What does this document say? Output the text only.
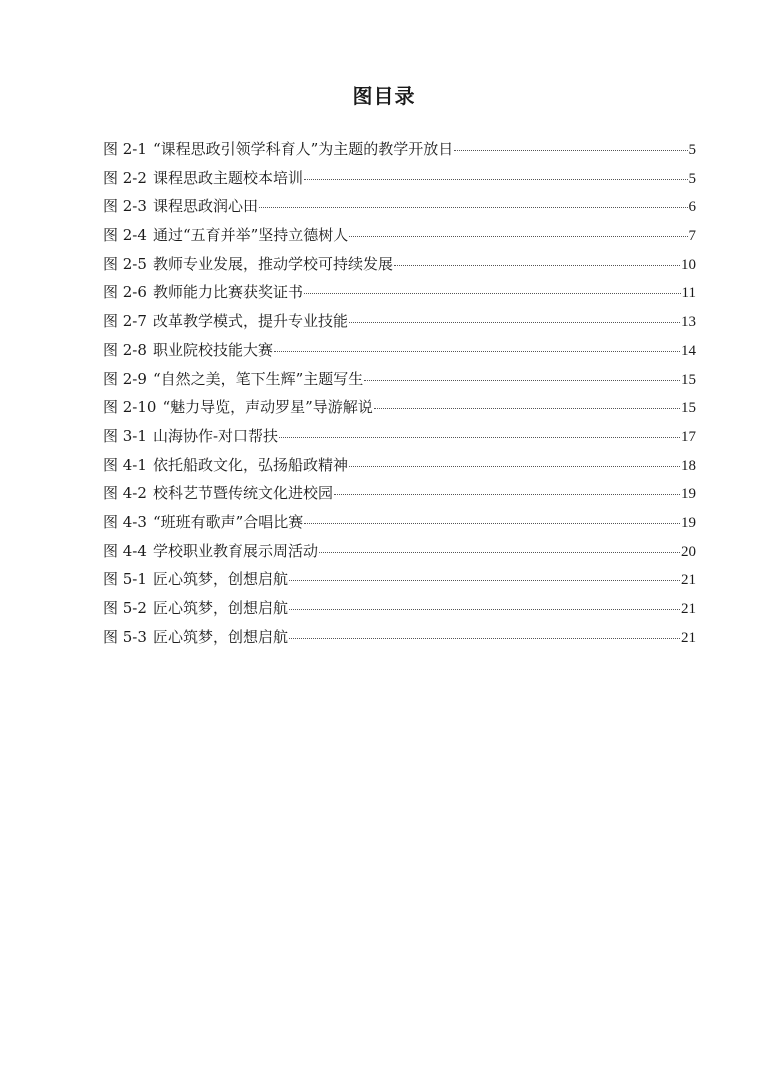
图目录
图 2-1 “课程思政引领学科育人”为主题的教学开放日	5
图 2-2 课程思政主题校本培训	5
图 2-3 课程思政润心田	6
图 2-4 通过“五育并举”坚持立德树人	7
图 2-5 教师专业发展，推动学校可持续发展	10
图 2-6 教师能力比赛获奖证书	11
图 2-7 改革教学模式，提升专业技能	13
图 2-8 职业院校技能大赛	14
图 2-9 “自然之美，笔下生辉”主题写生	15
图 2-10 “魅力导览，声动罗星”导游解说	15
图 3-1 山海协作-对口帮扶	17
图 4-1 依托船政文化，弘扬船政精神	18
图 4-2 校科艺节暨传统文化进校园	19
图 4-3 “班班有歌声”合唱比赛	19
图 4-4 学校职业教育展示周活动	20
图 5-1 匠心筑梦，创想启航	21
图 5-2 匠心筑梦，创想启航	21
图 5-3 匠心筑梦，创想启航	21
